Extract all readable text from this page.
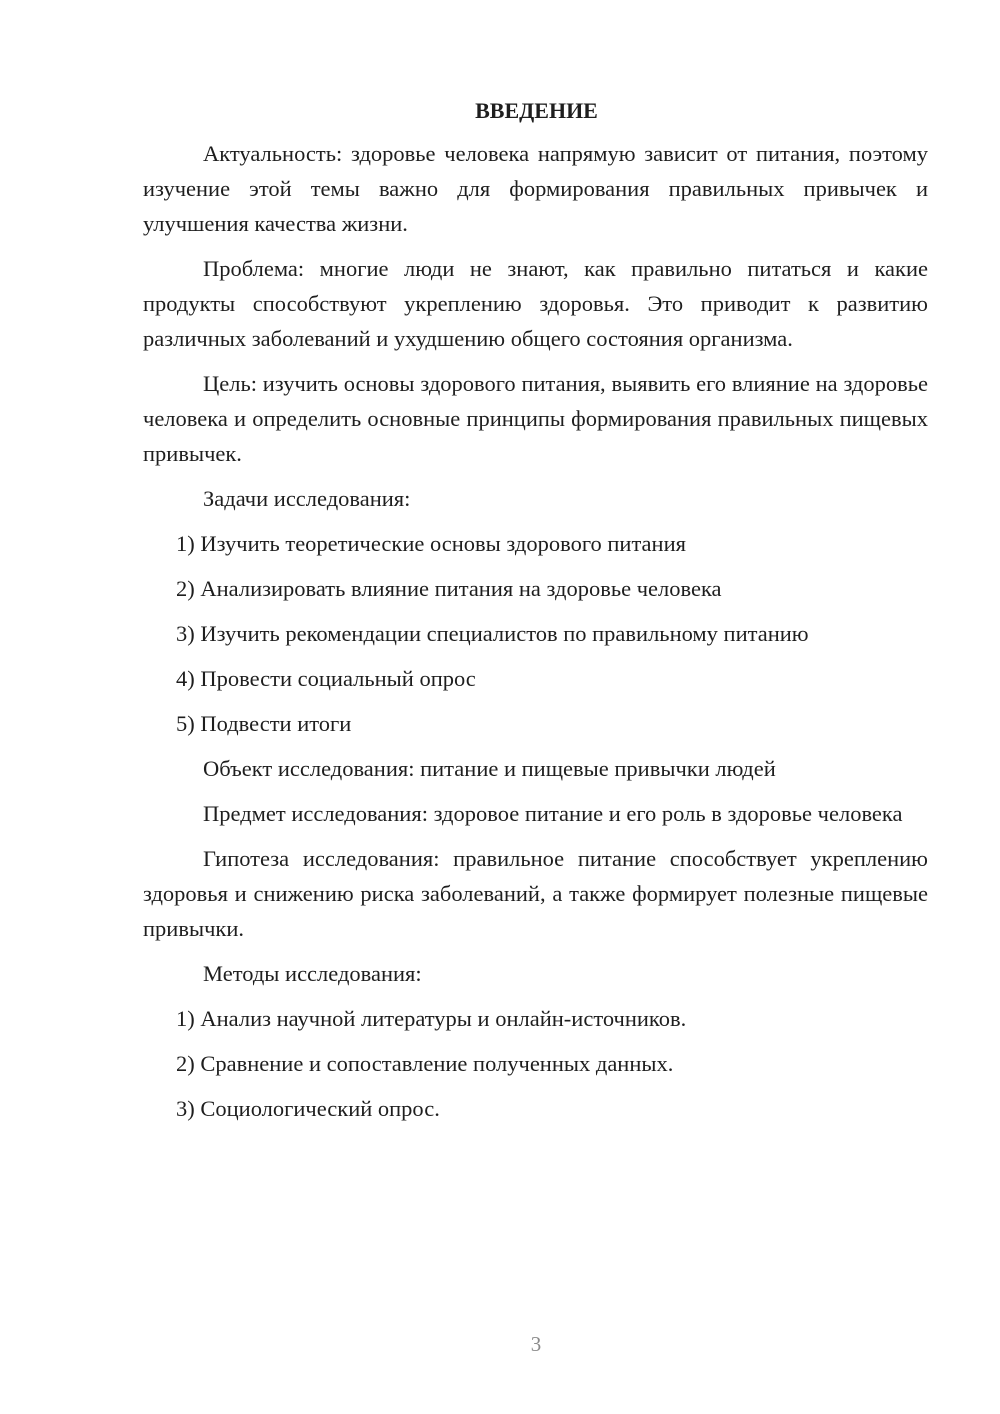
ВВЕДЕНИЕ

Актуальность: здоровье человека напрямую зависит от питания, поэтому изучение этой темы важно для формирования правильных привычек и улучшения качества жизни.

Проблема: многие люди не знают, как правильно питаться и какие продукты способствуют укреплению здоровья. Это приводит к развитию различных заболеваний и ухудшению общего состояния организма.

Цель: изучить основы здорового питания, выявить его влияние на здоровье человека и определить основные принципы формирования правильных пищевых привычек.

Задачи исследования:

1) Изучить теоретические основы здорового питания
2) Анализировать влияние питания на здоровье человека
3) Изучить рекомендации специалистов по правильному питанию
4) Провести социальный опрос
5) Подвести итоги

Объект исследования: питание и пищевые привычки людей

Предмет исследования: здоровое питание и его роль в здоровье человека

Гипотеза исследования: правильное питание способствует укреплению здоровья и снижению риска заболеваний, а также формирует полезные пищевые привычки.

Методы исследования:

1) Анализ научной литературы и онлайн-источников.
2) Сравнение и сопоставление полученных данных.
3) Социологический опрос.
3
